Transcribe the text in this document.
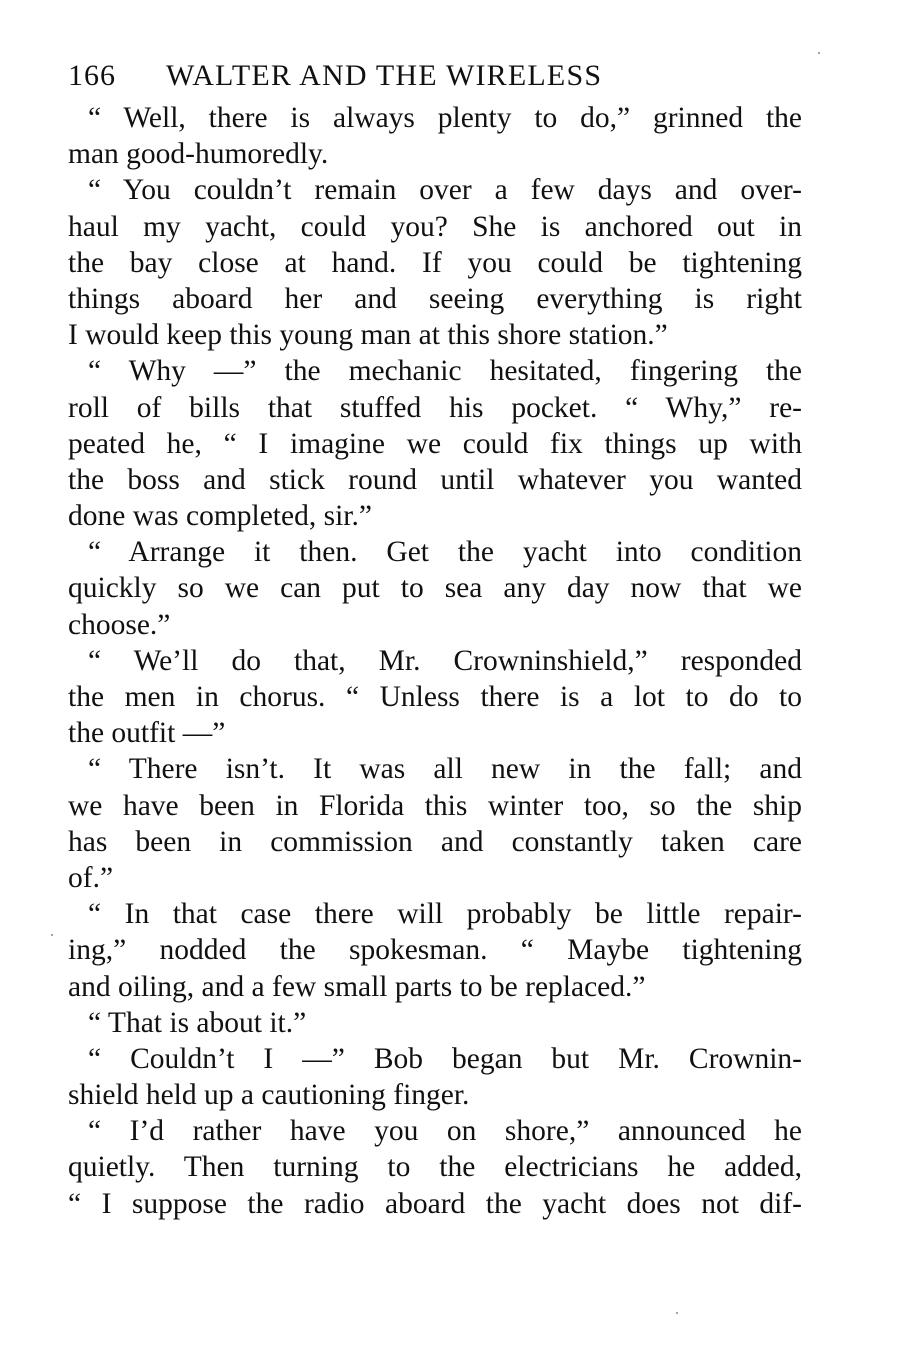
166	WALTER AND THE WIRELESS
“ Well, there is always plenty to do,” grinned the
man good-humoredly.
“ You couldn’t remain over a few days and over-
haul my yacht, could you? She is anchored out in
the bay close at hand. If you could be tightening
things aboard her and seeing everything is right
I would keep this young man at this shore station.”
“ Why —” the mechanic hesitated, fingering the
roll of bills that stuffed his pocket. “ Why,” re-
peated he, “ I imagine we could fix things up with
the boss and stick round until whatever you wanted
done was completed, sir.”
“ Arrange it then. Get the yacht into condition
quickly so we can put to sea any day now that we
choose.”
“ We’ll do that, Mr. Crowninshield,” responded
the men in chorus. “ Unless there is a lot to do to
the outfit —”
“ There isn’t. It was all new in the fall; and
we have been in Florida this winter too, so the ship
has been in commission and constantly taken care
of.”
“ In that case there will probably be little repair-
ing,” nodded the spokesman. “ Maybe tightening
and oiling, and a few small parts to be replaced.”
“ That is about it.”
“ Couldn’t I —” Bob began but Mr. Crownin-
shield held up a cautioning finger.
“ I’d rather have you on shore,” announced he
quietly. Then turning to the electricians he added,
“ I suppose the radio aboard the yacht does not dif-
